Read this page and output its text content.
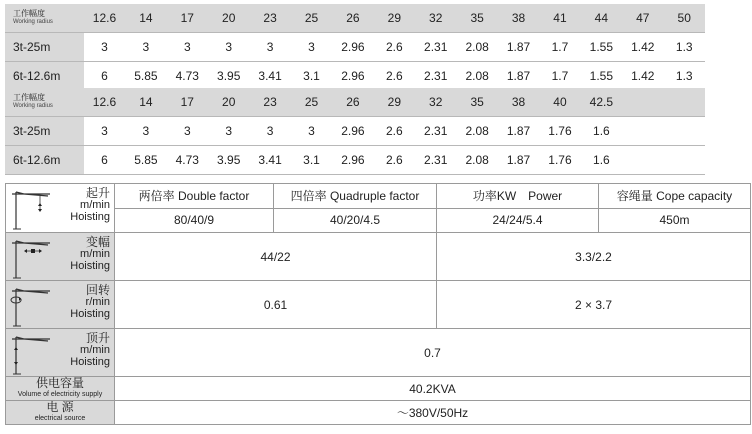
工作幅度
Working radius	12.6	14	17	20	23	25	26	29	32	35	38	41	44	47	50
3t-25m	3	3	3	3	3	3	2.96	2.6	2.31	2.08	1.87	1.7	1.55	1.42	1.3
6t-12.6m	6	5.85	4.73	3.95	3.41	3.1	2.96	2.6	2.31	2.08	1.87	1.7	1.55	1.42	1.3
工作幅度
Working radius	12.6	14	17	20	23	25	26	29	32	35	38	40	42.5		
3t-25m	3	3	3	3	3	3	2.96	2.6	2.31	2.08	1.87	1.76	1.6		
6t-12.6m	6	5.85	4.73	3.95	3.41	3.1	2.96	2.6	2.31	2.08	1.87	1.76	1.6		
起升
m/min
Hoisting	两倍率 Double factor	四倍率 Quadruple factor	功率KW　Power	容绳量 Cope capacity
	80/40/9	40/20/4.5	24/24/5.4	450m

变幅
m/min
Hoisting	44/22		3.3/2.2	

回转
r/min
Hoisting	0.61		2 × 3.7	

顶升
m/min
Hoisting	0.7			
供电容量
Volume of electricity supply	40.2KVA			
电 源
electrical source	～380V/50Hz			
